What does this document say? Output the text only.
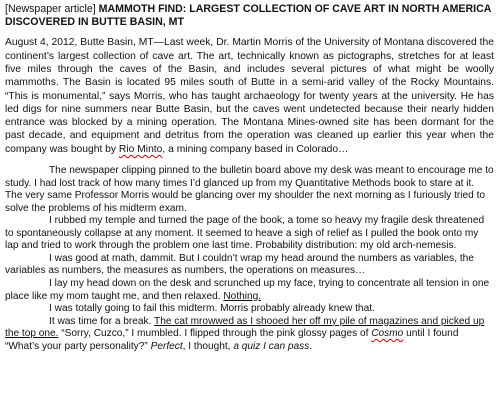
[Newspaper article] MAMMOTH FIND: LARGEST COLLECTION OF CAVE ART IN NORTH AMERICA DISCOVERED IN BUTTE BASIN, MT

August 4, 2012, Butte Basin, MT—Last week, Dr. Martin Morris of the University of Montana discovered the continent’s largest collection of cave art. The art, technically known as pictographs, stretches for at least five miles through the caves of the Basin, and includes several pictures of what might be woolly mammoths. The Basin is located 95 miles south of Butte in a semi-arid valley of the Rocky Mountains. “This is monumental,” says Morris, who has taught archaeology for twenty years at the university. He has led digs for nine summers near Butte Basin, but the caves went undetected because their nearly hidden entrance was blocked by a mining operation. The Montana Mines-owned site has been dormant for the past decade, and equipment and detritus from the operation was cleaned up earlier this year when the company was bought by Rio Minto, a mining company based in Colorado…

The newspaper clipping pinned to the bulletin board above my desk was meant to encourage me to study. I had lost track of how many times I’d glanced up from my Quantitative Methods book to stare at it. The very same Professor Morris would be glancing over my shoulder the next morning as I furiously tried to solve the problems of his midterm exam.

I rubbed my temple and turned the page of the book, a tome so heavy my fragile desk threatened to spontaneously collapse at any moment. It seemed to heave a sigh of relief as I pulled the book onto my lap and tried to work through the problem one last time. Probability distribution: my old arch-nemesis.

I was good at math, dammit. But I couldn’t wrap my head around the numbers as variables, the variables as numbers, the measures as numbers, the operations on measures…

I lay my head down on the desk and scrunched up my face, trying to concentrate all tension in one place like my mom taught me, and then relaxed. Nothing.

I was totally going to fail this midterm. Morris probably already knew that.

It was time for a break. The cat mrowwed as I shooed her off my pile of magazines and picked up the top one. “Sorry, Cuzco,” I mumbled. I flipped through the pink glossy pages of Cosmo until I found “What’s your party personality?” Perfect, I thought, a quiz I can pass.
